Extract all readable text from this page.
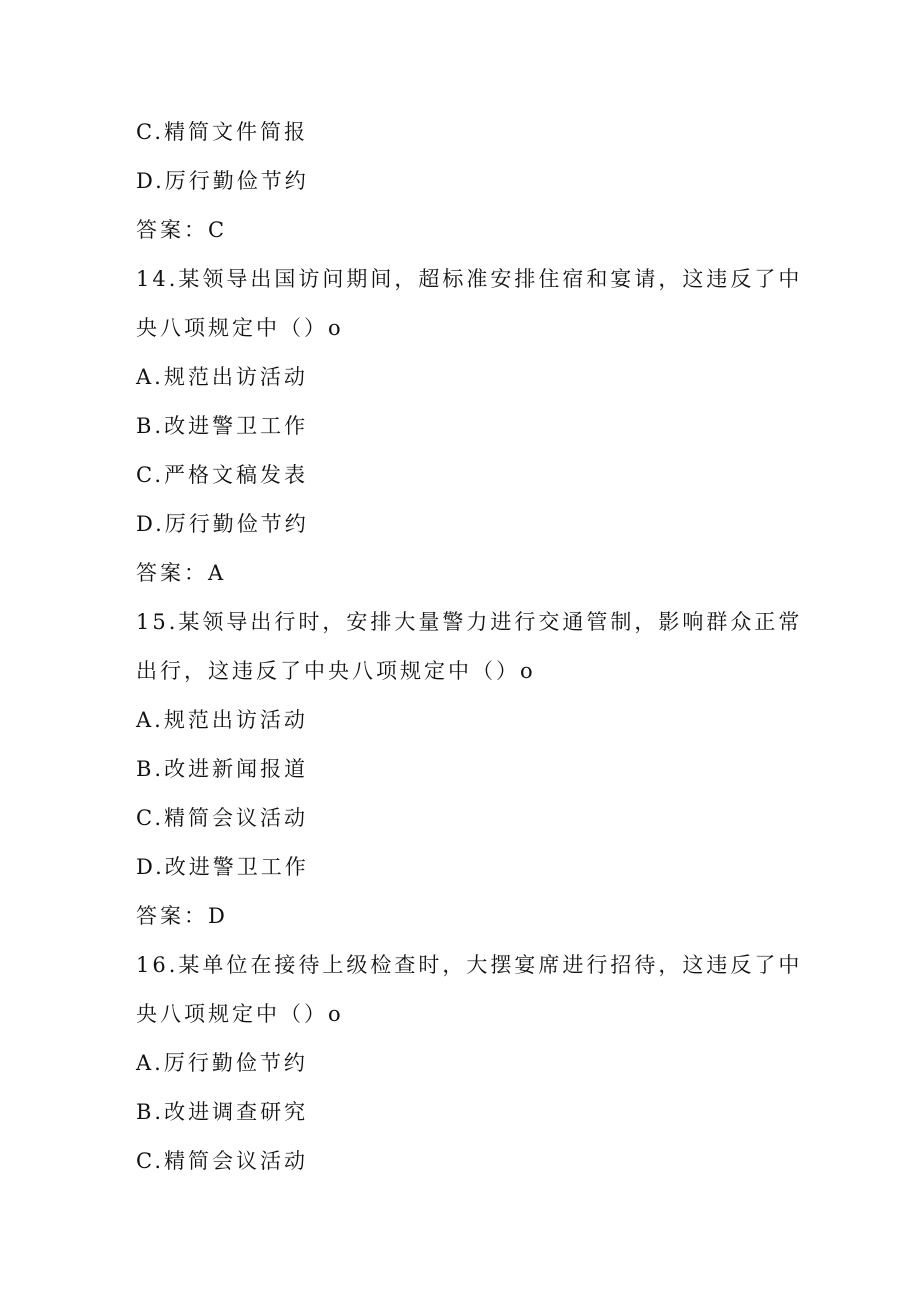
C.精简文件简报
D.厉行勤俭节约
答案：C
14.某领导出国访问期间，超标准安排住宿和宴请，这违反了中
央八项规定中（）o
A.规范出访活动
B.改进警卫工作
C.严格文稿发表
D.厉行勤俭节约
答案：A
15.某领导出行时，安排大量警力进行交通管制，影响群众正常
出行，这违反了中央八项规定中（）o
A.规范出访活动
B.改进新闻报道
C.精简会议活动
D.改进警卫工作
答案：D
16.某单位在接待上级检查时，大摆宴席进行招待，这违反了中
央八项规定中（）o
A.厉行勤俭节约
B.改进调查研究
C.精简会议活动
